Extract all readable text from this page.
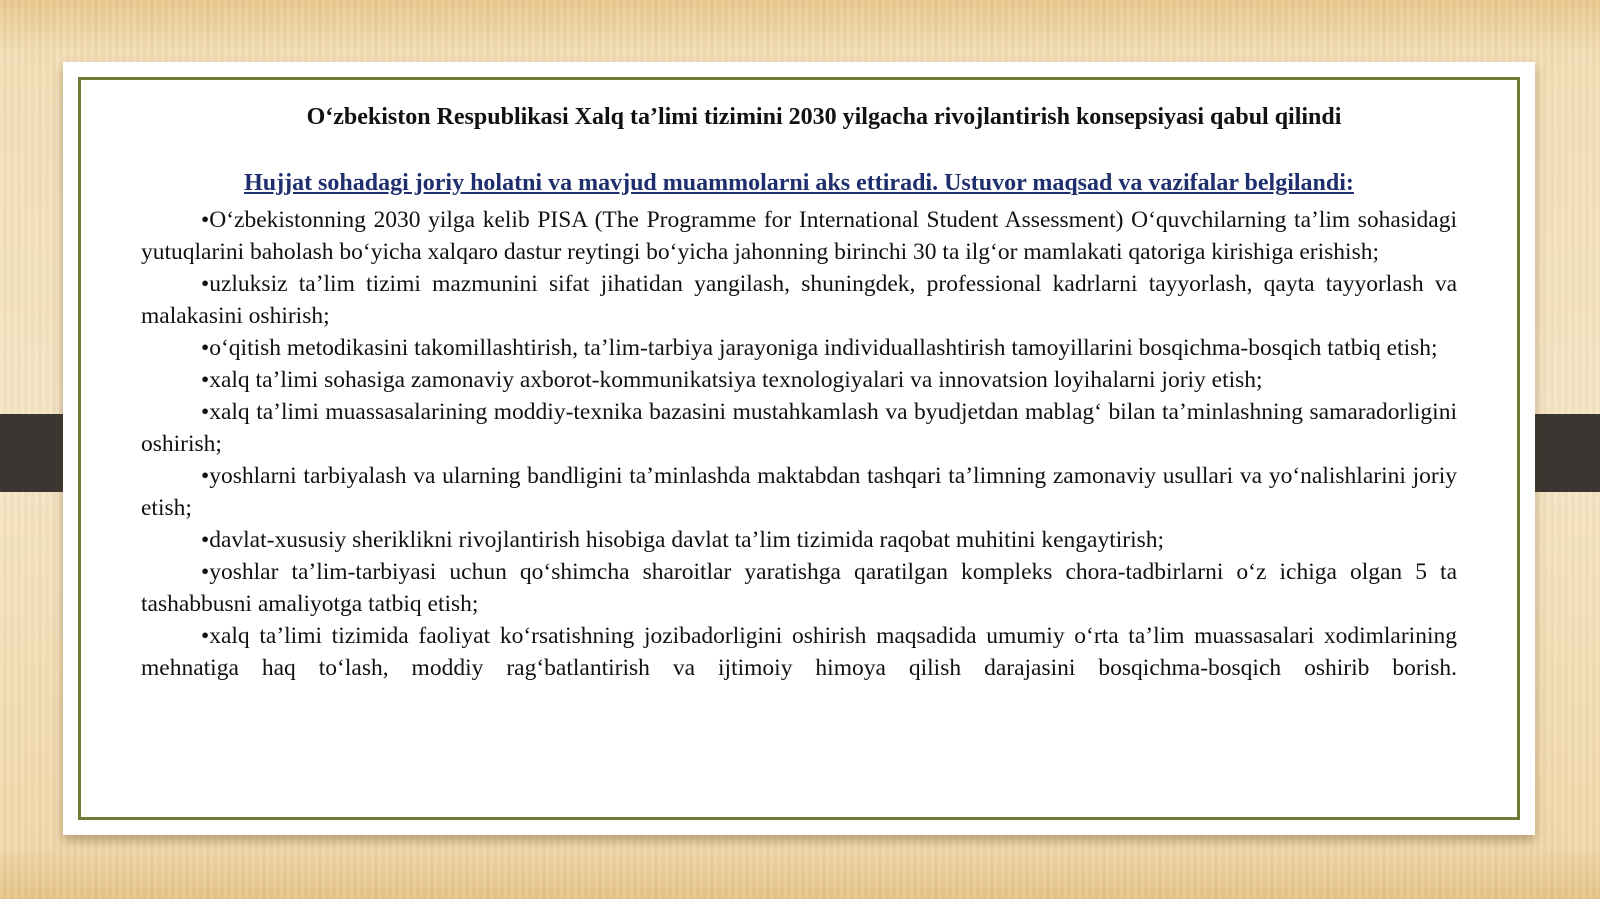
O‘zbekiston Respublikasi Xalq ta’limi tizimini 2030 yilgacha rivojlantirish konsepsiyasi qabul qilindi
Hujjat sohadagi joriy holatni va mavjud muammolarni aks ettiradi. Ustuvor maqsad va vazifalar belgilandi:

•O‘zbekistonning 2030 yilga kelib PISA (The Programme for International Student Assessment) O‘quvchilarning ta’lim sohasidagi yutuqlarini baholash bo‘yicha xalqaro dastur reytingi bo‘yicha jahonning birinchi 30 ta ilg‘or mamlakati qatoriga kirishiga erishish;

•uzluksiz ta’lim tizimi mazmunini sifat jihatidan yangilash, shuningdek, professional kadrlarni tayyorlash, qayta tayyorlash va malakasini oshirish;

•o‘qitish metodikasini takomillashtirish, ta’lim-tarbiya jarayoniga individuallashtirish tamoyillarini bosqichma-bosqich tatbiq etish;

•xalq ta’limi sohasiga zamonaviy axborot-kommunikatsiya texnologiyalari va innovatsion loyihalarni joriy etish;

•xalq ta’limi muassasalarining moddiy-texnika bazasini mustahkamlash va byudjetdan mablag‘ bilan ta’minlashning samaradorligini oshirish;

•yoshlarni tarbiyalash va ularning bandligini ta’minlashda maktabdan tashqari ta’limning zamonaviy usullari va yo‘nalishlarini joriy etish;

•davlat-xususiy sheriklikni rivojlantirish hisobiga davlat ta’lim tizimida raqobat muhitini kengaytirish;

•yoshlar ta’lim-tarbiyasi uchun qo‘shimcha sharoitlar yaratishga qaratilgan kompleks chora-tadbirlarni o‘z ichiga olgan 5 ta tashabbusni amaliyotga tatbiq etish;

•xalq ta’limi tizimida faoliyat ko‘rsatishning jozibadorligini oshirish maqsadida umumiy o‘rta ta’lim muassasalari xodimlarining mehnatiga haq to‘lash, moddiy rag‘batlantirish va ijtimoiy himoya qilish darajasini bosqichma-bosqich oshirib borish.
